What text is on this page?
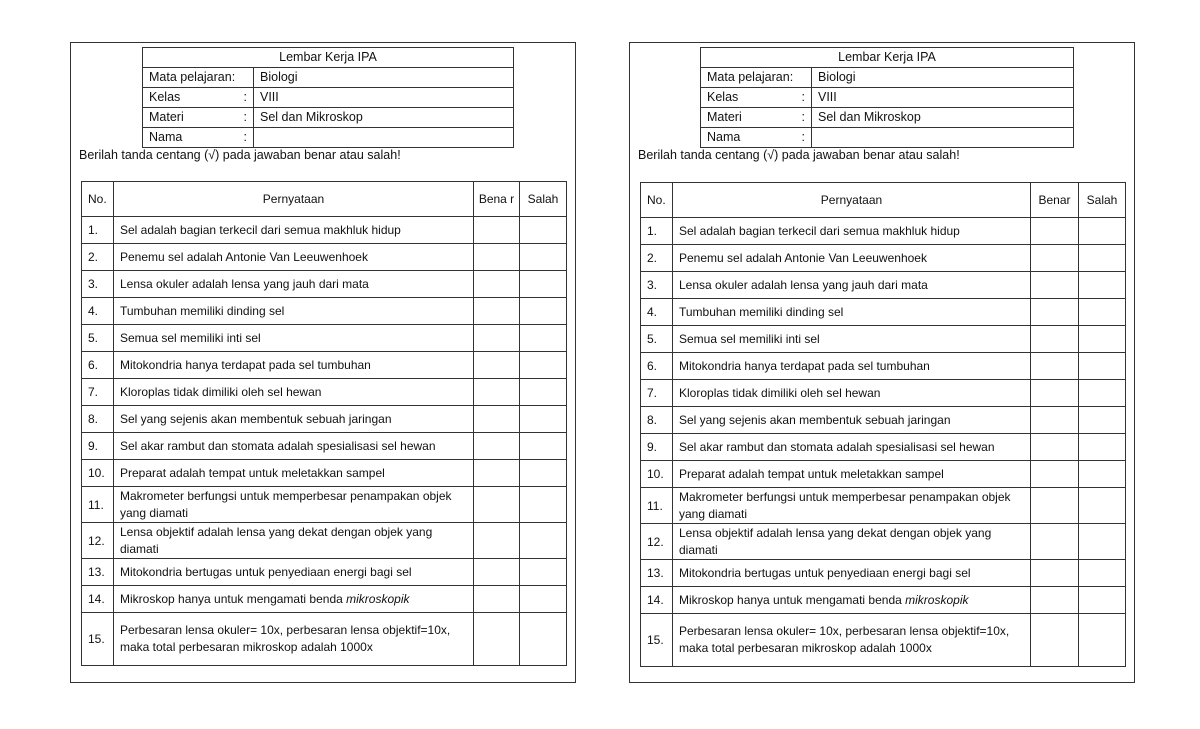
Lembar Kerja IPA	
Mata pelajaran:	Biologi
Kelas :	VIII
Materi :	Sel dan Mikroskop
Nama :	

Berilah tanda centang (√) pada jawaban benar atau salah!
No.	Pernyataan	Bena r	Salah
1.	Sel adalah bagian terkecil dari semua makhluk hidup		
2.	Penemu sel adalah Antonie Van Leeuwenhoek		
3.	Lensa okuler adalah lensa yang jauh dari mata		
4.	Tumbuhan memiliki dinding sel		
5.	Semua sel memiliki inti sel		
6.	Mitokondria hanya terdapat pada sel tumbuhan		
7.	Kloroplas tidak dimiliki oleh sel hewan		
8.	Sel yang sejenis akan membentuk sebuah jaringan		
9.	Sel akar rambut dan stomata adalah spesialisasi sel hewan		
10.	Preparat adalah tempat untuk meletakkan sampel		
11.	Makrometer berfungsi untuk memperbesar penampakan objek yang diamati		
12.	Lensa objektif adalah lensa yang dekat dengan objek yang diamati		
13.	Mitokondria bertugas untuk penyediaan energi bagi sel		
14.	Mikroskop hanya untuk mengamati benda mikroskopik		
15.	Perbesaran lensa okuler= 10x, perbesaran lensa objektif=10x, maka total perbesaran mikroskop adalah 1000x		
Lembar Kerja IPA	
Mata pelajaran:	Biologi
Kelas :	VIII
Materi :	Sel dan Mikroskop
Nama :	

Berilah tanda centang (√) pada jawaban benar atau salah!
No.	Pernyataan	Benar	Salah
1.	Sel adalah bagian terkecil dari semua makhluk hidup		
2.	Penemu sel adalah Antonie Van Leeuwenhoek		
3.	Lensa okuler adalah lensa yang jauh dari mata		
4.	Tumbuhan memiliki dinding sel		
5.	Semua sel memiliki inti sel		
6.	Mitokondria hanya terdapat pada sel tumbuhan		
7.	Kloroplas tidak dimiliki oleh sel hewan		
8.	Sel yang sejenis akan membentuk sebuah jaringan		
9.	Sel akar rambut dan stomata adalah spesialisasi sel hewan		
10.	Preparat adalah tempat untuk meletakkan sampel		
11.	Makrometer berfungsi untuk memperbesar penampakan objek yang diamati		
12.	Lensa objektif adalah lensa yang dekat dengan objek yang diamati		
13.	Mitokondria bertugas untuk penyediaan energi bagi sel		
14.	Mikroskop hanya untuk mengamati benda mikroskopik		
15.	Perbesaran lensa okuler= 10x, perbesaran lensa objektif=10x, maka total perbesaran mikroskop adalah 1000x		
